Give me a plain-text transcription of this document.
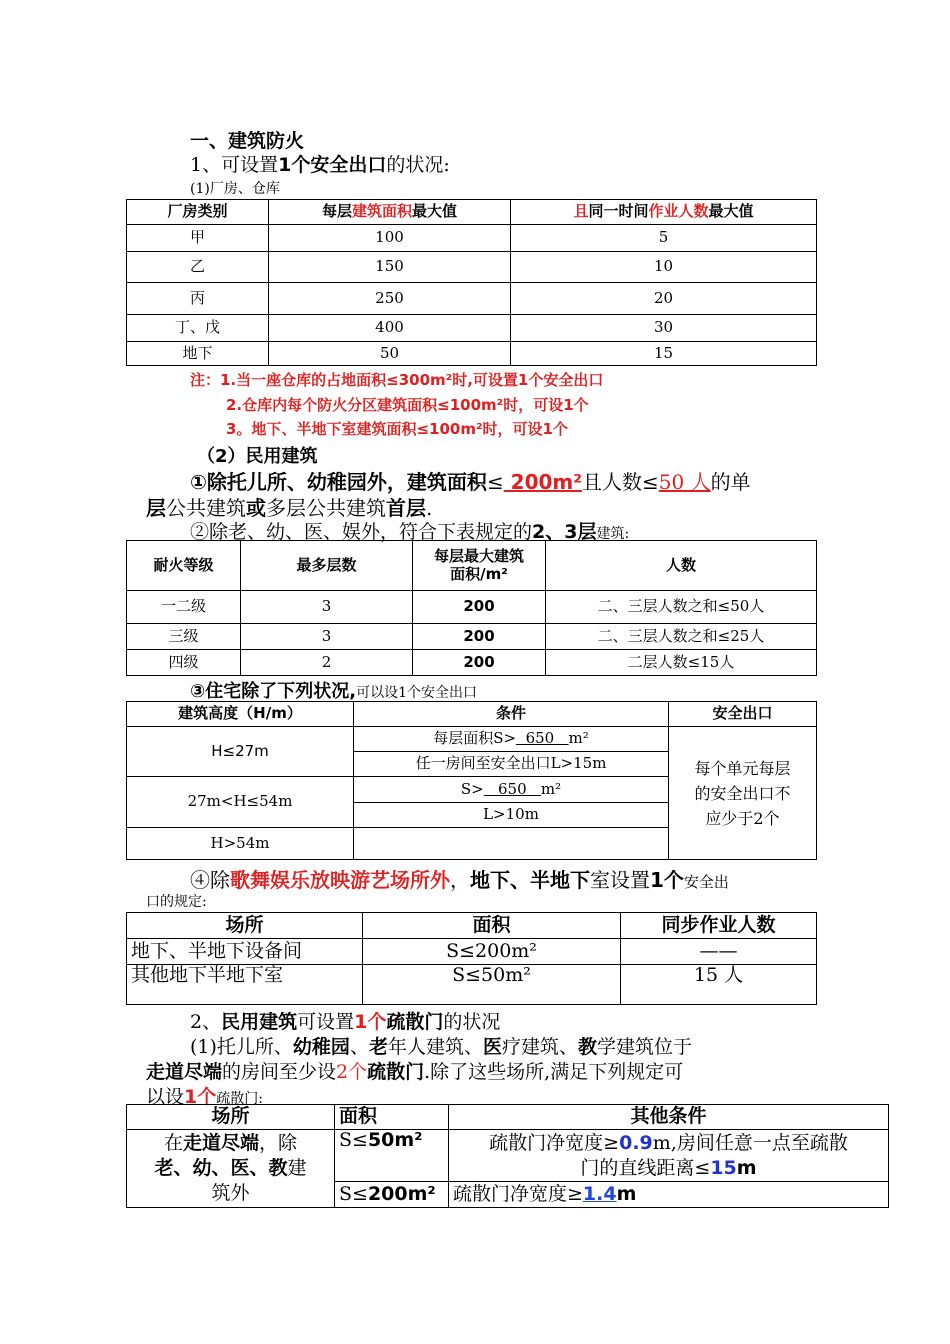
一、建筑防火
1、可设置1个安全出口的状况:
(1)厂房、仓库
厂房类别	每层建筑面积最大值	且同一时间作业人数最大值
甲	100	5
乙	150	10
丙	250	20
丁、戊	400	30
地下	50	15
注：1.当一座仓库的占地面积≤300m²时,可设置1个安全出口
2.仓库内每个防火分区建筑面积≤100m²时，可设1个
3。地下、半地下室建筑面积≤100m²时，可设1个
（2）民用建筑
①除托儿所、幼稚园外，建筑面积≤ 200m²且人数≤50 人的单
层公共建筑或多层公共建筑首层.
②除老、幼、医、娱外，符合下表规定的2、3层建筑:
耐火等级	最多层数	每层最大建筑
面积/m²	人数
一二级	3	200	二、三层人数之和≤50人
三级	3	200	二、三层人数之和≤25人
四级	2	200	二层人数≤15人
③住宅除了下列状况,可以设1个安全出口
建筑高度（H/m）	条件	安全出口
H≤27m	每层面积S>  650   m²	每个单元每层
的安全出口不
应少于2个

	任一房间至安全出口L>15m	
27m<H≤54m	S>   650   m²	
	L>10m	
H>54m		
④除歌舞娱乐放映游艺场所外，地下、半地下室设置1个安全出
口的规定:
场所	面积	同步作业人数
地下、半地下设备间	S≤200m²	——
其他地下半地下室	S≤50m²	15 人
2、民用建筑可设置1个疏散门的状况
(1)托儿所、幼稚园、老年人建筑、医疗建筑、教学建筑位于
走道尽端的房间至少设2个疏散门.除了这些场所,满足下列规定可
以设1个疏散门:
场所	面积	其他条件
在走道尽端，除
老、幼、医、教建
筑外	S≤50m²	疏散门净宽度≥0.9m,房间任意一点至疏散
门的直线距离≤15m
	S≤200m²	疏散门净宽度≥1.4m
